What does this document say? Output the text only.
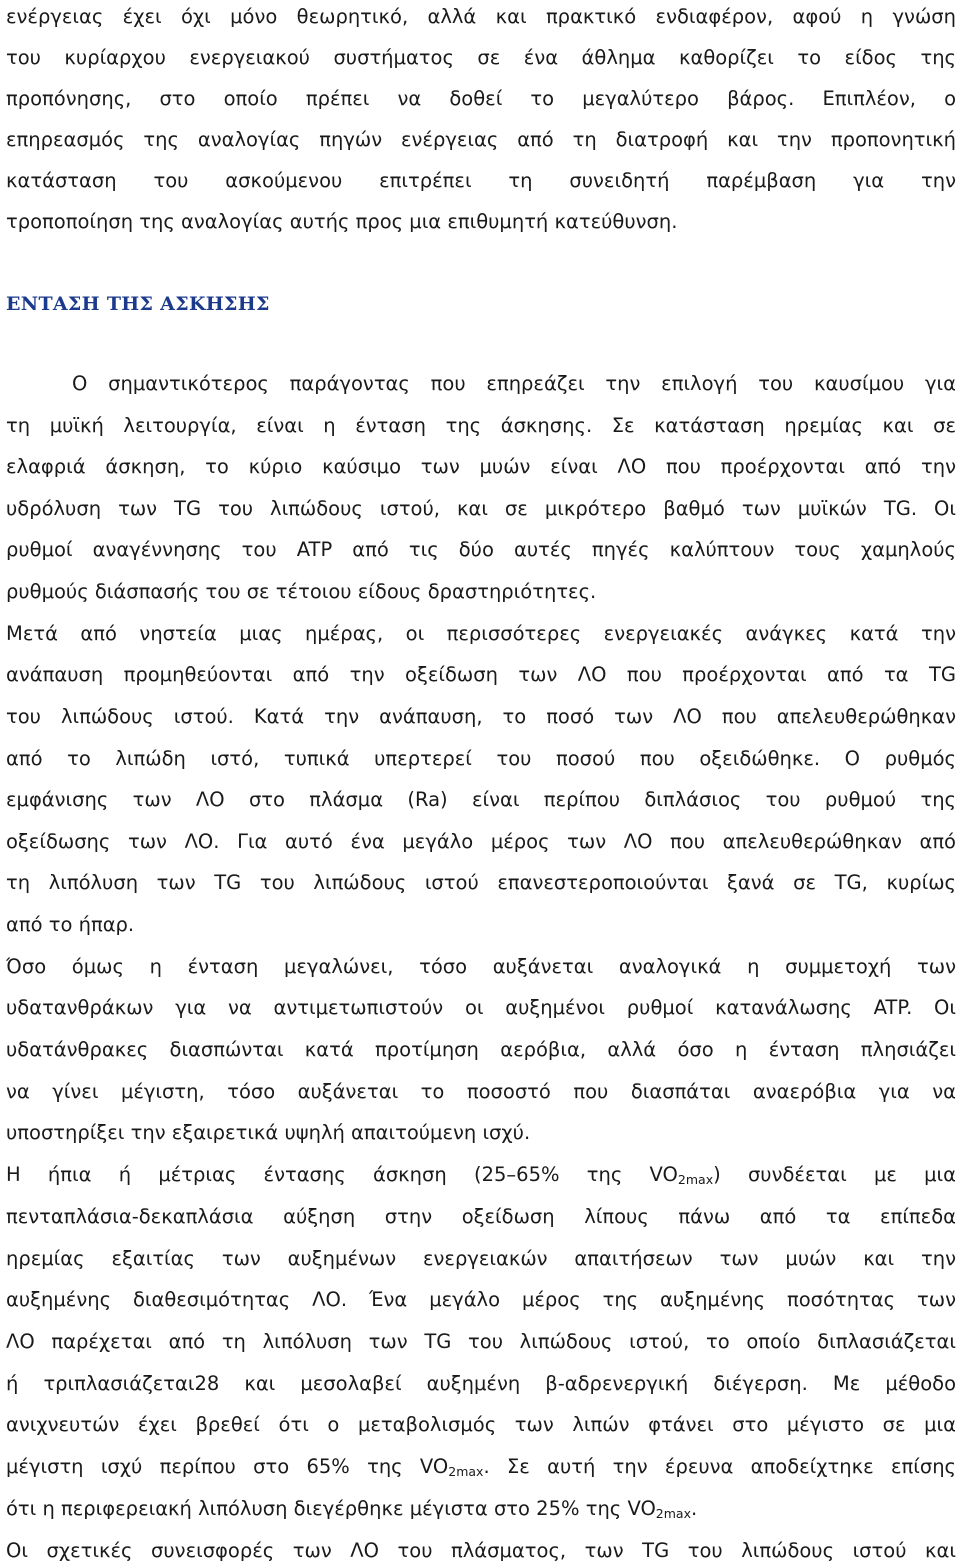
ενέργειας έχει όχι μόνο θεωρητικό, αλλά και πρακτικό ενδιαφέρον, αφού η γνώση
του κυρίαρχου ενεργειακού συστήματος σε ένα άθλημα καθορίζει το είδος της
προπόνησης, στο οποίο πρέπει να δοθεί το μεγαλύτερο βάρος. Επιπλέον, ο
επηρεασμός της αναλογίας πηγών ενέργειας από τη διατροφή και την προπονητική
κατάσταση του ασκούμενου επιτρέπει τη συνειδητή παρέμβαση για την
τροποποίηση της αναλογίας αυτής προς μια επιθυμητή κατεύθυνση.
ΕΝΤΑΣΗ ΤΗΣ ΑΣΚΗΣΗΣ
Ο σημαντικότερος παράγοντας που επηρεάζει την επιλογή του καυσίμου για
τη μυϊκή λειτουργία, είναι η ένταση της άσκησης. Σε κατάσταση ηρεμίας και σε
ελαφριά άσκηση, το κύριο καύσιμο των μυών είναι ΛΟ που προέρχονται από την
υδρόλυση των TG του λιπώδους ιστού, και σε μικρότερο βαθμό των μυϊκών TG. Οι
ρυθμοί αναγέννησης του ATP από τις δύο αυτές πηγές καλύπτουν τους χαμηλούς
ρυθμούς διάσπασής του σε τέτοιου είδους δραστηριότητες.
Μετά από νηστεία μιας ημέρας, οι περισσότερες ενεργειακές ανάγκες κατά την
ανάπαυση προμηθεύονται από την οξείδωση των ΛΟ που προέρχονται από τα TG
του λιπώδους ιστού. Κατά την ανάπαυση, το ποσό των ΛΟ που απελευθερώθηκαν
από το λιπώδη ιστό, τυπικά υπερτερεί του ποσού που οξειδώθηκε. Ο ρυθμός
εμφάνισης των ΛΟ στο πλάσμα (Ra) είναι περίπου διπλάσιος του ρυθμού της
οξείδωσης των ΛΟ. Για αυτό ένα μεγάλο μέρος των ΛΟ που απελευθερώθηκαν από
τη λιπόλυση των TG του λιπώδους ιστού επανεστεροποιούνται ξανά σε TG, κυρίως
από το ήπαρ.
Όσο όμως η ένταση μεγαλώνει, τόσο αυξάνεται αναλογικά η συμμετοχή των
υδατανθράκων για να αντιμετωπιστούν οι αυξημένοι ρυθμοί κατανάλωσης ATP. Οι
υδατάνθρακες διασπώνται κατά προτίμηση αερόβια, αλλά όσο η ένταση πλησιάζει
να γίνει μέγιστη, τόσο αυξάνεται το ποσοστό που διασπάται αναερόβια για να
υποστηρίξει την εξαιρετικά υψηλή απαιτούμενη ισχύ.
Η ήπια ή μέτριας έντασης άσκηση (25–65% της $VO_{2max}$) συνδέεται με μια
πενταπλάσια-δεκαπλάσια αύξηση στην οξείδωση λίπους πάνω από τα επίπεδα
ηρεμίας εξαιτίας των αυξημένων ενεργειακών απαιτήσεων των μυών και την
αυξημένης διαθεσιμότητας ΛΟ. Ένα μεγάλο μέρος της αυξημένης ποσότητας των
ΛΟ παρέχεται από τη λιπόλυση των TG του λιπώδους ιστού, το οποίο διπλασιάζεται
ή τριπλασιάζεται28 και μεσολαβεί αυξημένη β-αδρενεργική διέγερση. Με μέθοδο
ανιχνευτών έχει βρεθεί ότι ο μεταβολισμός των λιπών φτάνει στο μέγιστο σε μια
μέγιστη ισχύ περίπου στο 65% της $VO_{2max}$. Σε αυτή την έρευνα αποδείχτηκε επίσης
ότι η περιφερειακή λιπόλυση διεγέρθηκε μέγιστα στο 25% της $VO_{2max}$.
Οι σχετικές συνεισφορές των ΛΟ του πλάσματος, των TG του λιπώδους ιστού και
